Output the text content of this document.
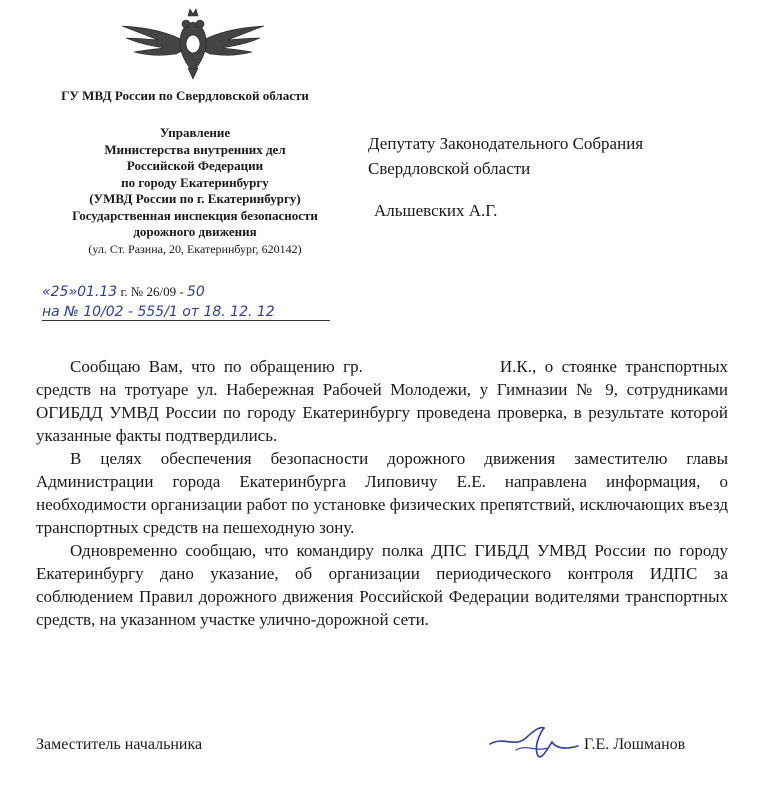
ГУ МВД России по Свердловской области
Управление
Министерства внутренних дел
Российской Федерации
по городу Екатеринбургу
(УМВД России по г. Екатеринбургу)
Государственная инспекция безопасности
дорожного движения
(ул. Ст. Разина, 20, Екатеринбург, 620142)
Депутату Законодательного Собрания
Свердловской области
Альшевских А.Г.
«25»01.13 г. № 26/09 - 50
на № 10/02 - 555/1 от 18. 12. 12

Сообщаю Вам, что по обращению гр.	И.К., о стоянке транспортных средств на тротуаре ул. Набережная Рабочей Молодежи, у Гимназии № 9, сотрудниками ОГИБДД УМВД России по городу Екатеринбургу проведена проверка, в результате которой указанные факты подтвердились.

В целях обеспечения безопасности дорожного движения заместителю главы Администрации города Екатеринбурга Липовичу Е.Е. направлена информация, о необходимости организации работ по установке физических препятствий, исключающих въезд транспортных средств на пешеходную зону.

Одновременно сообщаю, что командиру полка ДПС ГИБДД УМВД России по городу Екатеринбургу дано указание, об организации периодического контроля ИДПС за соблюдением Правил дорожного движения Российской Федерации водителями транспортных средств, на указанном участке улично-дорожной сети.

Заместитель начальника	Г.Е. Лошманов
